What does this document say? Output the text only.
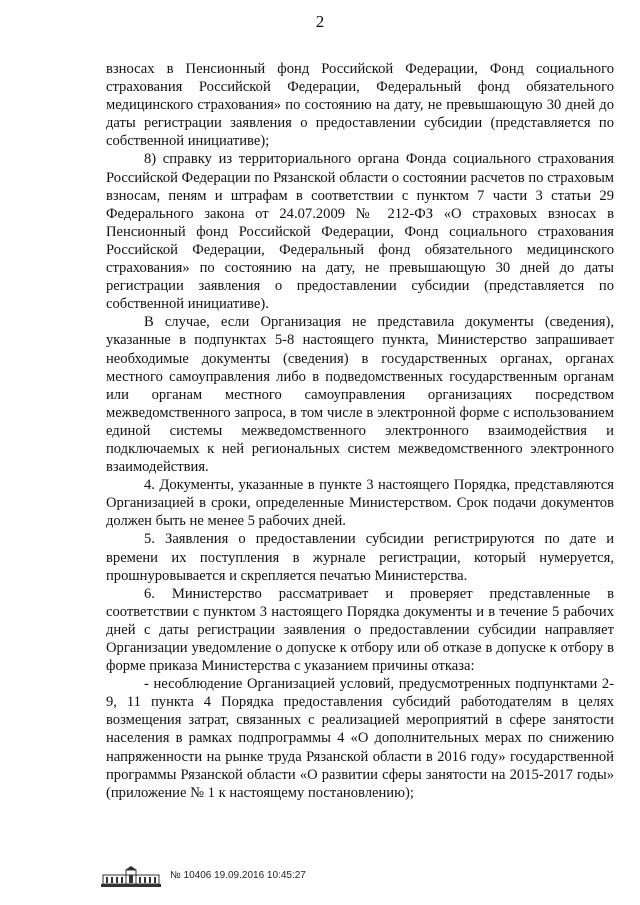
2

взносах в Пенсионный фонд Российской Федерации, Фонд социального страхования Российской Федерации, Федеральный фонд обязательного медицинского страхования» по состоянию на дату, не превышающую 30 дней до даты регистрации заявления о предоставлении субсидии (представляется по собственной инициативе);

8) справку из территориального органа Фонда социального страхования Российской Федерации по Рязанской области о состоянии расчетов по страховым взносам, пеням и штрафам в соответствии с пунктом 7 части 3 статьи 29 Федерального закона от 24.07.2009 № 212-ФЗ «О страховых взносах в Пенсионный фонд Российской Федерации, Фонд социального страхования Российской Федерации, Федеральный фонд обязательного медицинского страхования» по состоянию на дату, не превышающую 30 дней до даты регистрации заявления о предоставлении субсидии (представляется по собственной инициативе).

В случае, если Организация не представила документы (сведения), указанные в подпунктах 5-8 настоящего пункта, Министерство запрашивает необходимые документы (сведения) в государственных органах, органах местного самоуправления либо в подведомственных государственным органам или органам местного самоуправления организациях посредством межведомственного запроса, в том числе в электронной форме с использованием единой системы межведомственного электронного взаимодействия и подключаемых к ней региональных систем межведомственного электронного взаимодействия.

4. Документы, указанные в пункте 3 настоящего Порядка, представляются Организацией в сроки, определенные Министерством. Срок подачи документов должен быть не менее 5 рабочих дней.

5. Заявления о предоставлении субсидии регистрируются по дате и времени их поступления в журнале регистрации, который нумеруется, прошнуровывается и скрепляется печатью Министерства.

6. Министерство рассматривает и проверяет представленные в соответствии с пунктом 3 настоящего Порядка документы и в течение 5 рабочих дней с даты регистрации заявления о предоставлении субсидии направляет Организации уведомление о допуске к отбору или об отказе в допуске к отбору в форме приказа Министерства с указанием причины отказа:

- несоблюдение Организацией условий, предусмотренных подпунктами 2-9, 11 пункта 4 Порядка предоставления субсидий работодателям в целях возмещения затрат, связанных с реализацией мероприятий в сфере занятости населения в рамках подпрограммы 4 «О дополнительных мерах по снижению напряженности на рынке труда Рязанской области в 2016 году» государственной программы Рязанской области «О развитии сферы занятости на 2015-2017 годы» (приложение № 1 к настоящему постановлению);

№ 10406 19.09.2016 10:45:27
